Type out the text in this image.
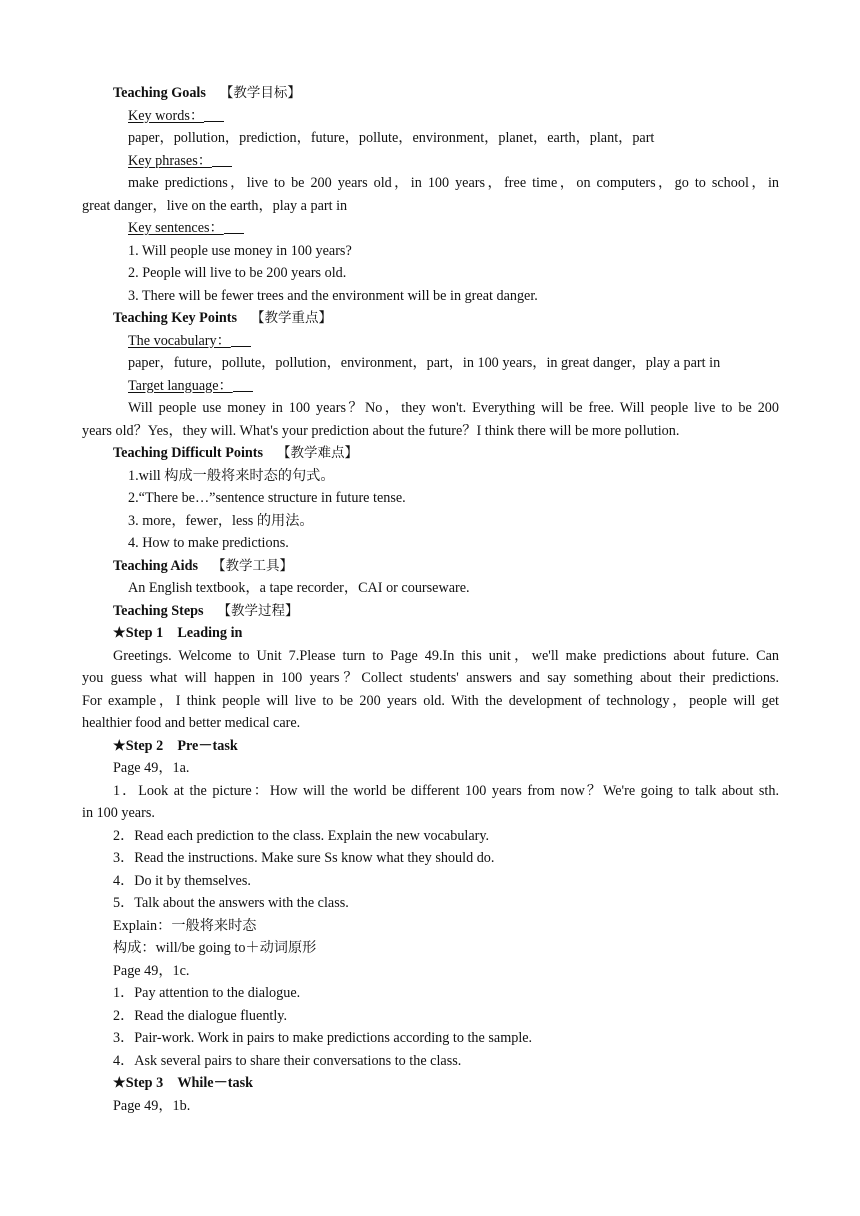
Teaching Goals 【教学目标】
Key words：
paper，pollution，prediction，future，pollute，environment，planet，earth，plant，part
Key phrases：
make predictions，live to be 200 years old，in 100 years，free time，on computers，go to school，in
great danger，live on the earth，play a part in
Key sentences：
1. Will people use money in 100 years?
2. People will live to be 200 years old.
3. There will be fewer trees and the environment will be in great danger.
Teaching Key Points 【教学重点】
The vocabulary：
paper，future，pollute，pollution，environment，part，in 100 years，in great danger，play a part in
Target language：
Will people use money in 100 years？No，they won't. Everything will be free. Will people live to be 200
years old？Yes，they will. What's your prediction about the future？I think there will be more pollution.
Teaching Difficult Points 【教学难点】
1.will 构成一般将来时态的句式。
2.“There be…”sentence structure in future tense.
3. more，fewer，less 的用法。
4. How to make predictions.
Teaching Aids 【教学工具】
An English textbook，a tape recorder，CAI or courseware.
Teaching Steps 【教学过程】
★Step 1　Leading in
Greetings. Welcome to Unit 7.Please turn to Page 49.In this unit，we'll make predictions about future. Can
you guess what will happen in 100 years？Collect students' answers and say something about their predictions.
For example，I think people will live to be 200 years old. With the development of technology，people will get
healthier food and better medical care.
★Step 2　Pre－task
Page 49，1a.
1．Look at the picture：How will the world be different 100 years from now？We're going to talk about sth.
in 100 years.
2．Read each prediction to the class. Explain the new vocabulary.
3．Read the instructions. Make sure Ss know what they should do.
4．Do it by themselves.
5．Talk about the answers with the class.
Explain：一般将来时态
构成：will/be going to＋动词原形
Page 49，1c.
1．Pay attention to the dialogue.
2．Read the dialogue fluently.
3．Pair-work. Work in pairs to make predictions according to the sample.
4．Ask several pairs to share their conversations to the class.
★Step 3　While－task
Page 49，1b.
